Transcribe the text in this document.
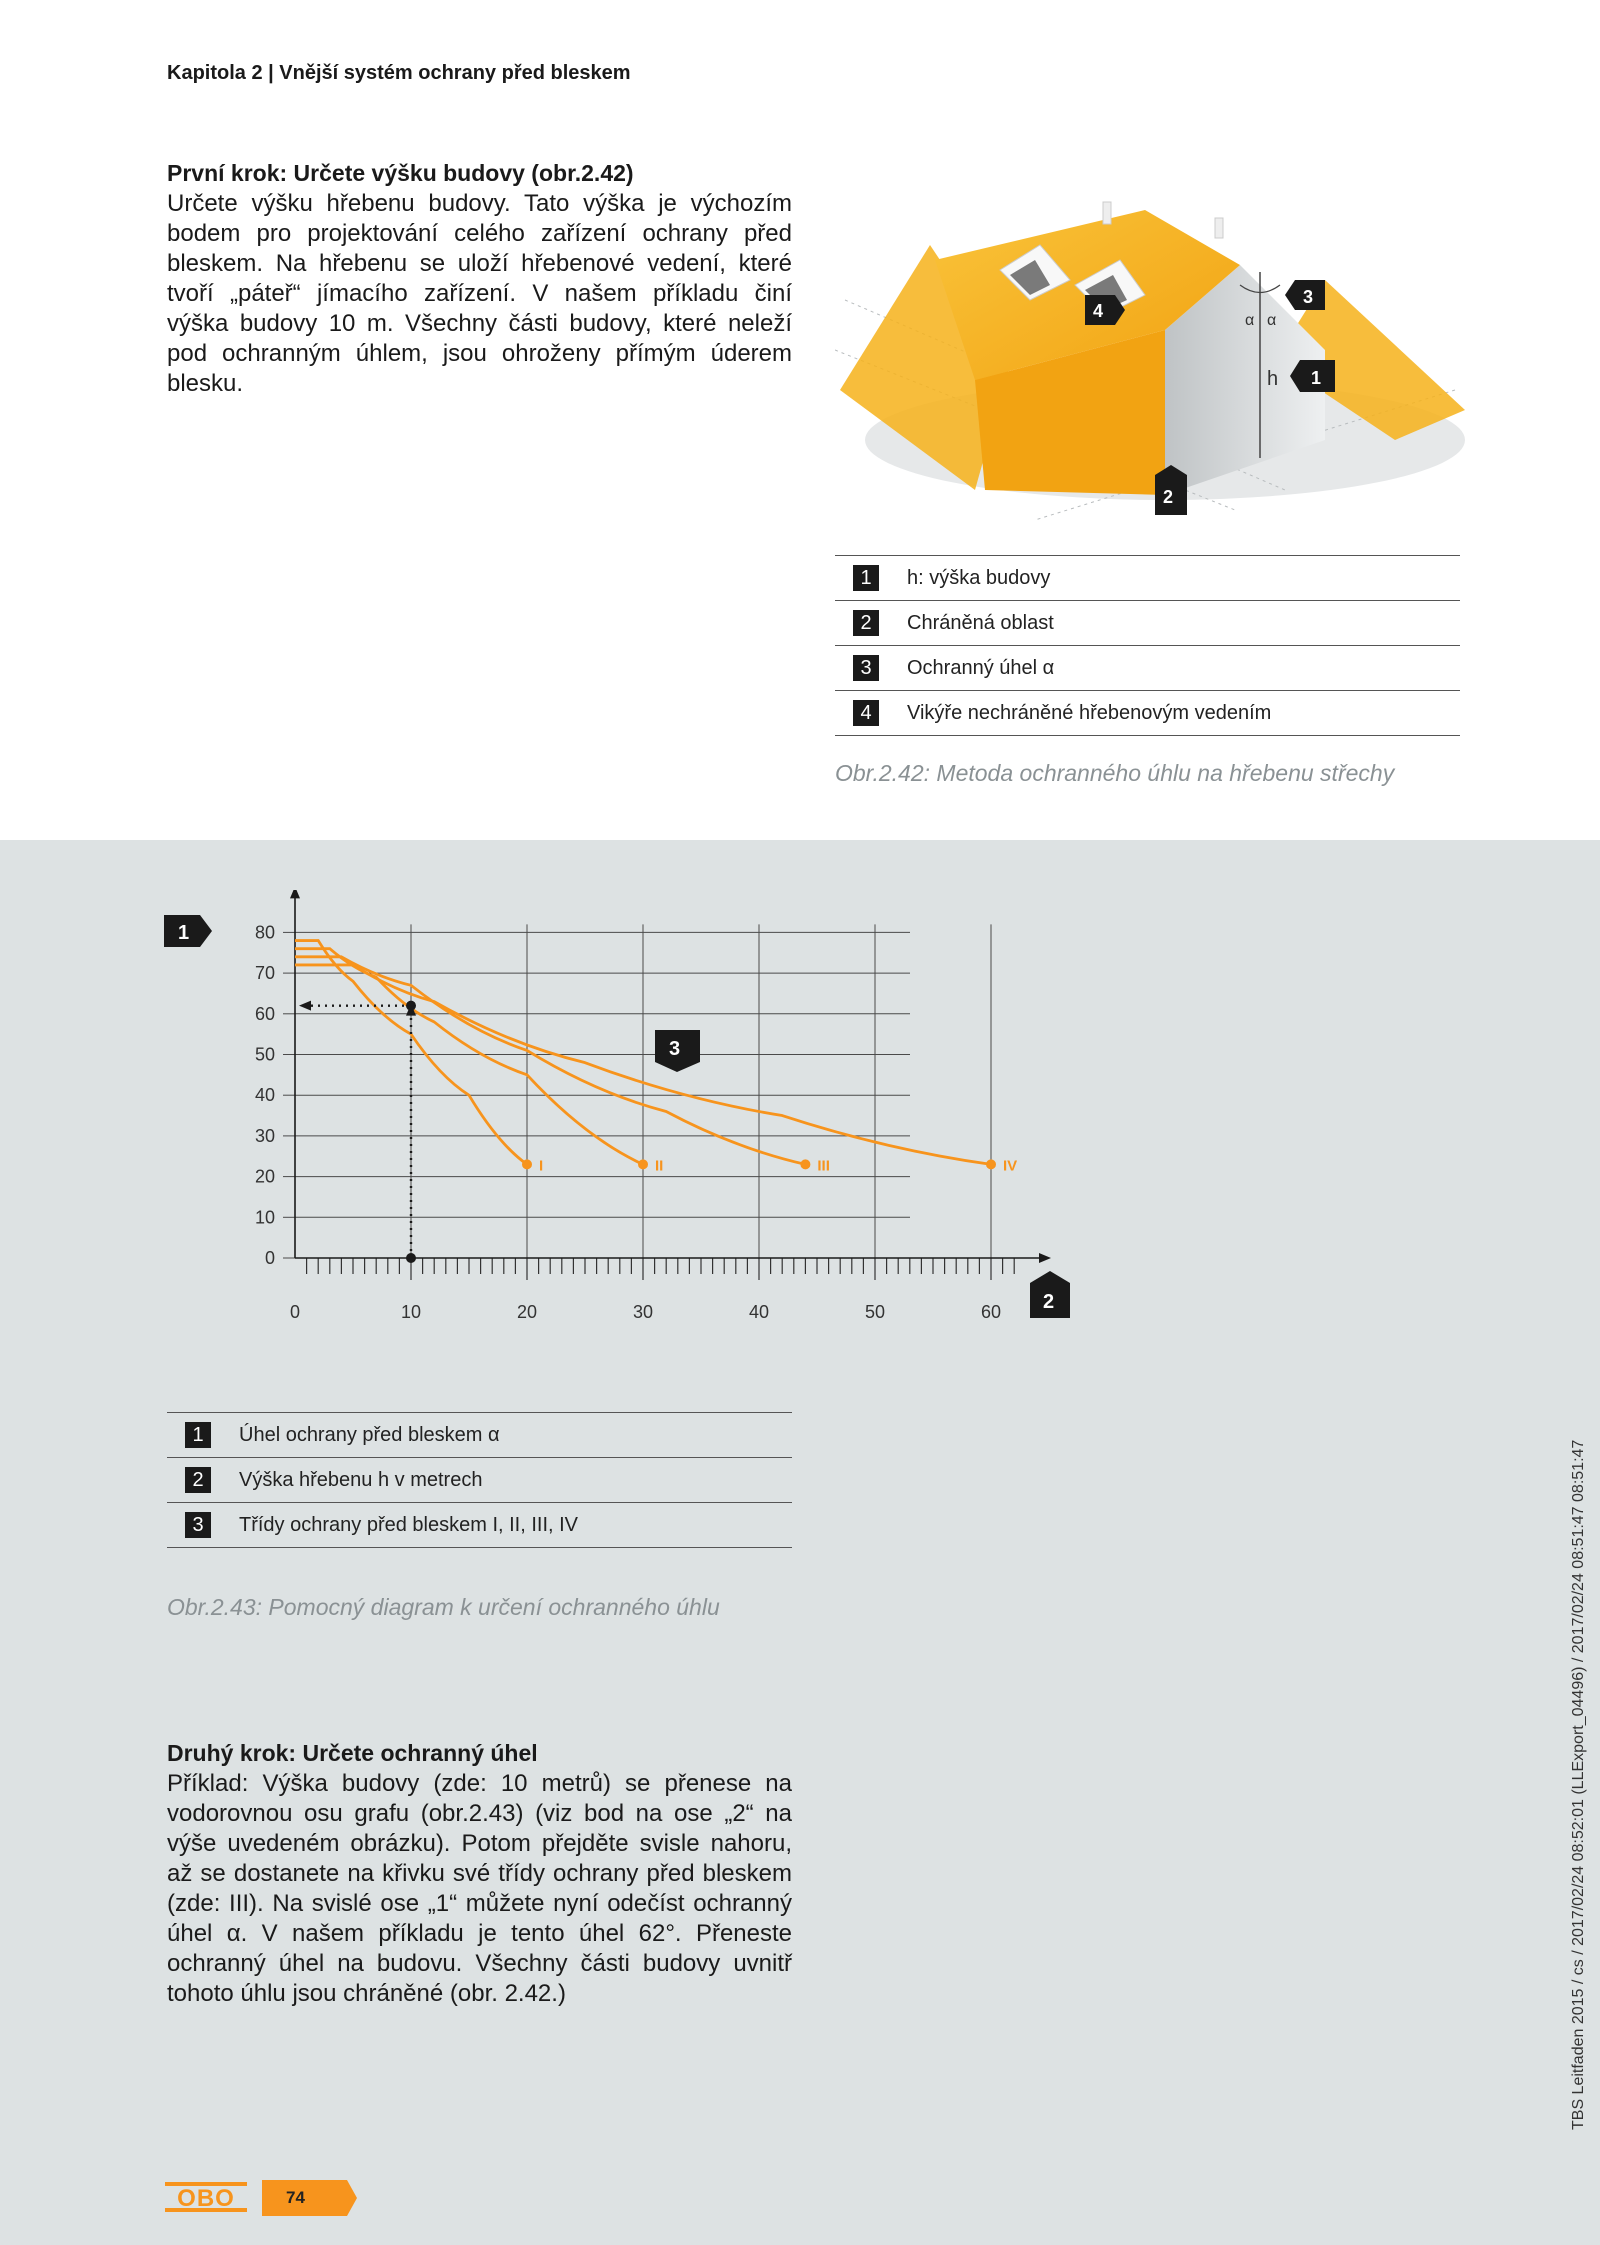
Kapitola 2 | Vnější systém ochrany před bleskem
První krok: Určete výšku budovy (obr.2.42)
Určete výšku hřebenu budovy. Tato výška je výchozím bodem pro projektování celého zařízení ochrany před bleskem. Na hřebenu se uloží hřebenové vedení, které tvoří „páteř“ jímacího zařízení. V našem příkladu činí výška budovy 10 m. Všechny části budovy, které neleží pod ochranným úhlem, jsou ohroženy přímým úderem blesku.
α α
h
4
3
1
2
1	h: výška budovy
2	Chráněná oblast
3	Ochranný úhel α
4	Vikýře nechráněné hřebenovým vedením
Obr.2.42: Metoda ochranného úhlu na hřebenu střechy
0
10
20
30
40
50
60
70
80
0	10	20	30	40	50	60
I	II	III	IV
1
2
3
1	Úhel ochrany před bleskem α
2	Výška hřebenu h v metrech
3	Třídy ochrany před bleskem I, II, III, IV
Obr.2.43: Pomocný diagram k určení ochranného úhlu
Druhý krok: Určete ochranný úhel
Příklad: Výška budovy (zde: 10 metrů) se přenese na vodorovnou osu grafu (obr.2.43) (viz bod na ose „2“ na výše uvedeném obrázku). Potom přejděte svisle nahoru, až se dostanete na křivku své třídy ochrany před bleskem (zde: III). Na svislé ose „1“ můžete nyní odečíst ochranný úhel α. V našem příkladu je tento úhel 62°. Přeneste ochranný úhel na budovu. Všechny části budovy uvnitř tohoto úhlu jsou chráněné (obr. 2.42.)	TBS Leitfaden 2015 / cs / 2017/02/24 08:52:01 (LLExport_04496) / 2017/02/24 08:51:47 08:51:47
OBO	74
